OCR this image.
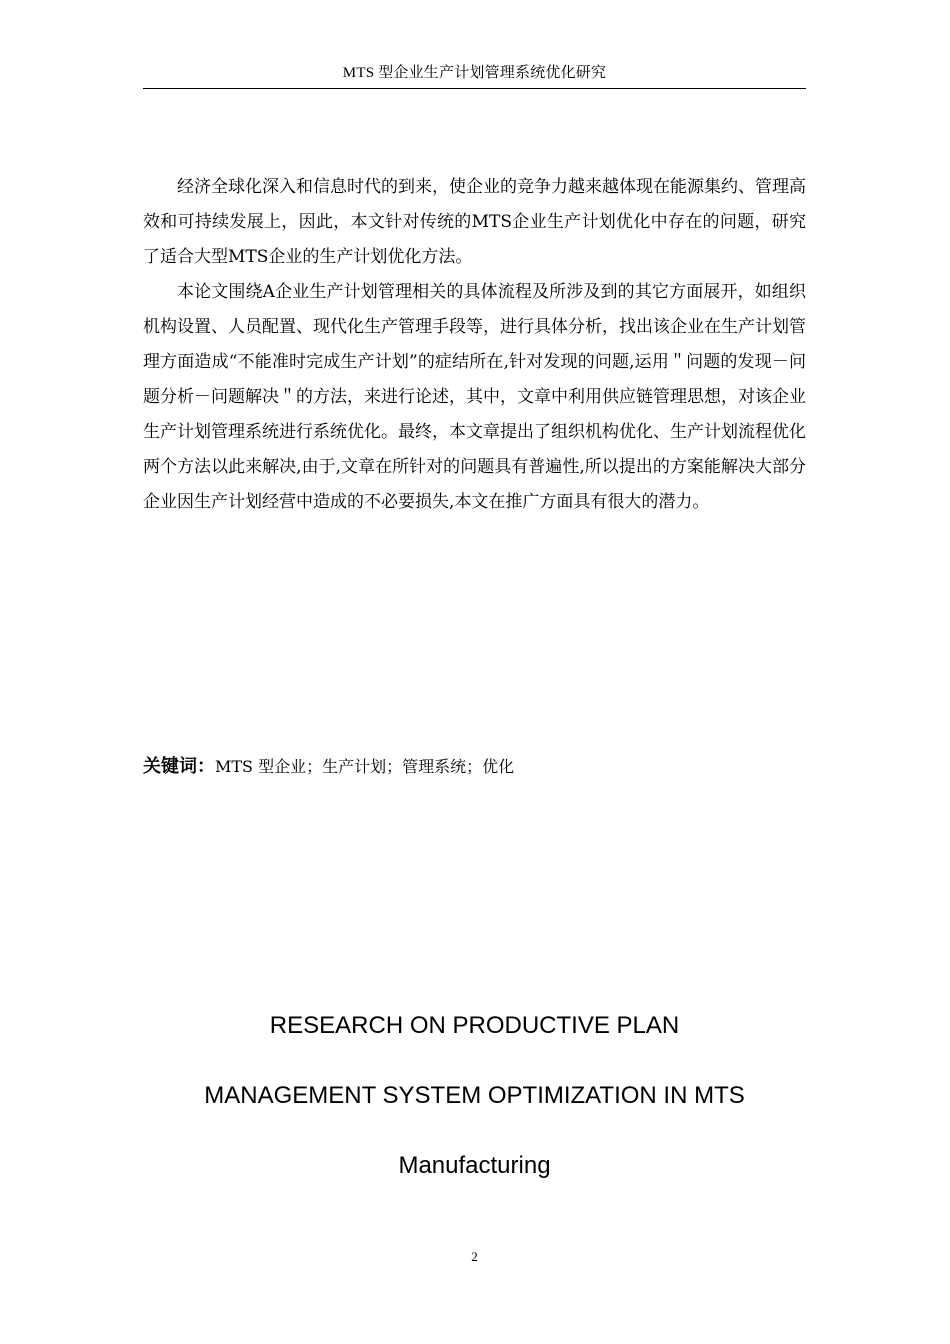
MTS 型企业生产计划管理系统优化研究

经济全球化深入和信息时代的到来，使企业的竞争力越来越体现在能源集约、管理高效和可持续发展上，因此，本文针对传统的MTS企业生产计划优化中存在的问题，研究了适合大型MTS企业的生产计划优化方法。

本论文围绕A企业生产计划管理相关的具体流程及所涉及到的其它方面展开，如组织机构设置、人员配置、现代化生产管理手段等，进行具体分析，找出该企业在生产计划管理方面造成“不能准时完成生产计划”的症结所在,针对发现的问题,运用＂问题的发现－问题分析－问题解决＂的方法，来进行论述，其中，文章中利用供应链管理思想，对该企业生产计划管理系统进行系统优化。最终，本文章提出了组织机构优化、生产计划流程优化两个方法以此来解决,由于,文章在所针对的问题具有普遍性,所以提出的方案能解决大部分企业因生产计划经营中造成的不必要损失,本文在推广方面具有很大的潜力。

关键词：MTS 型企业；生产计划；管理系统；优化
RESEARCH ON PRODUCTIVE PLAN
MANAGEMENT SYSTEM OPTIMIZATION IN MTS
Manufacturing
2
